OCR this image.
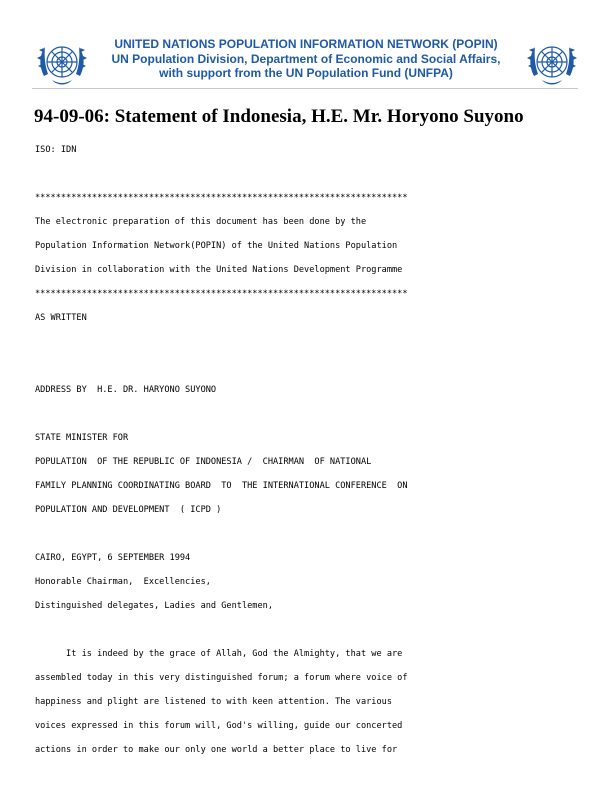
UNITED NATIONS POPULATION INFORMATION NETWORK (POPIN)
UN Population Division, Department of Economic and Social Affairs,
with support from the UN Population Fund (UNFPA)
94-09-06: Statement of Indonesia, H.E. Mr. Horyono Suyono
ISO: IDN
************************************************************************
The electronic preparation of this document has been done by the
Population Information Network(POPIN) of the United Nations Population
Division in collaboration with the United Nations Development Programme
************************************************************************
AS WRITTEN
ADDRESS BY  H.E. DR. HARYONO SUYONO
STATE MINISTER FOR
POPULATION  OF THE REPUBLIC OF INDONESIA /  CHAIRMAN  OF NATIONAL
FAMILY PLANNING COORDINATING BOARD  TO  THE INTERNATIONAL CONFERENCE  ON
POPULATION AND DEVELOPMENT  ( ICPD )
CAIRO, EGYPT, 6 SEPTEMBER 1994
Honorable Chairman,  Excellencies,
Distinguished delegates, Ladies and Gentlemen,
It is indeed by the grace of Allah, God the Almighty, that we are
assembled today in this very distinguished forum; a forum where voice of
happiness and plight are listened to with keen attention. The various
voices expressed in this forum will, God's willing, guide our concerted
actions in order to make our only one world a better place to live for
